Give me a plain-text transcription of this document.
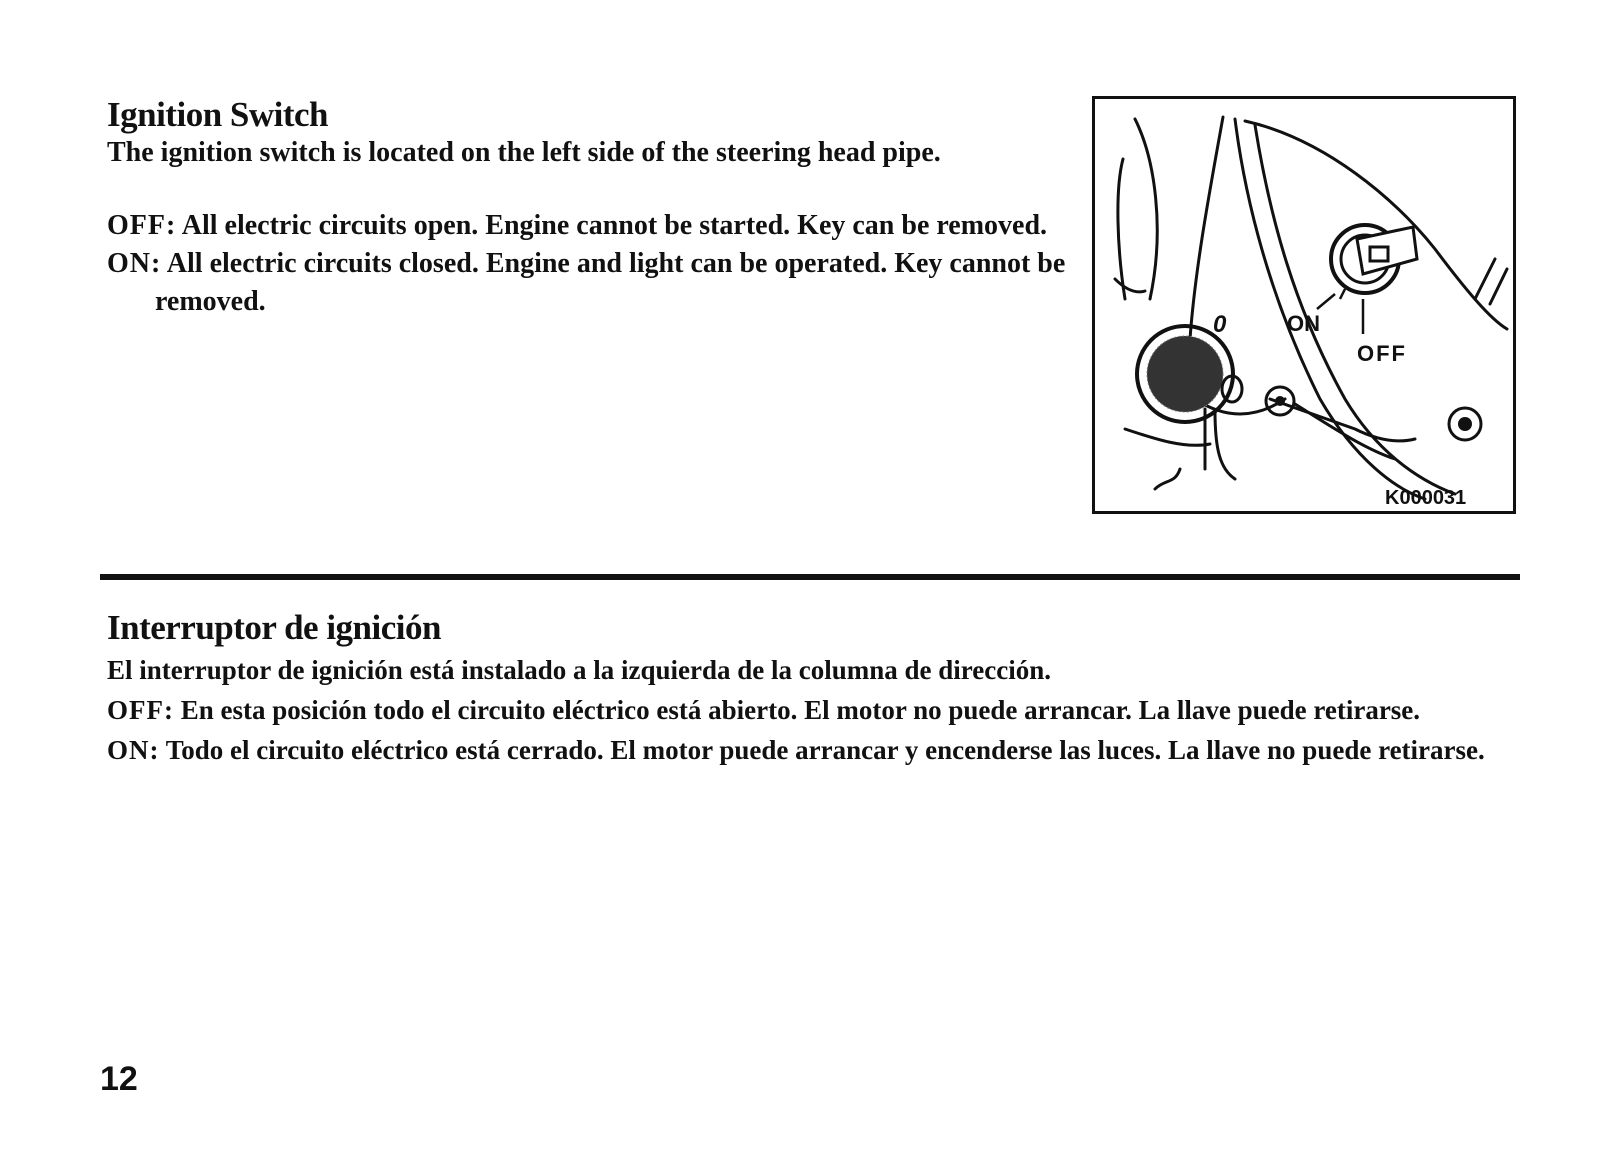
Ignition Switch

The ignition switch is located on the left side of the steering head pipe.

OFF: All electric circuits open. Engine cannot be started. Key can be removed.

ON: All electric circuits closed. Engine and light can be operated. Key cannot be removed.

0	ON
OFF
K000031
Interruptor de ignición

El interruptor de ignición está instalado a la izquierda de la columna de dirección.

OFF: En esta posición todo el circuito eléctrico está abierto. El motor no puede arrancar. La llave puede retirarse.

ON: Todo el circuito eléctrico está cerrado. El motor puede arrancar y encenderse las luces. La llave no puede retirarse.

12
